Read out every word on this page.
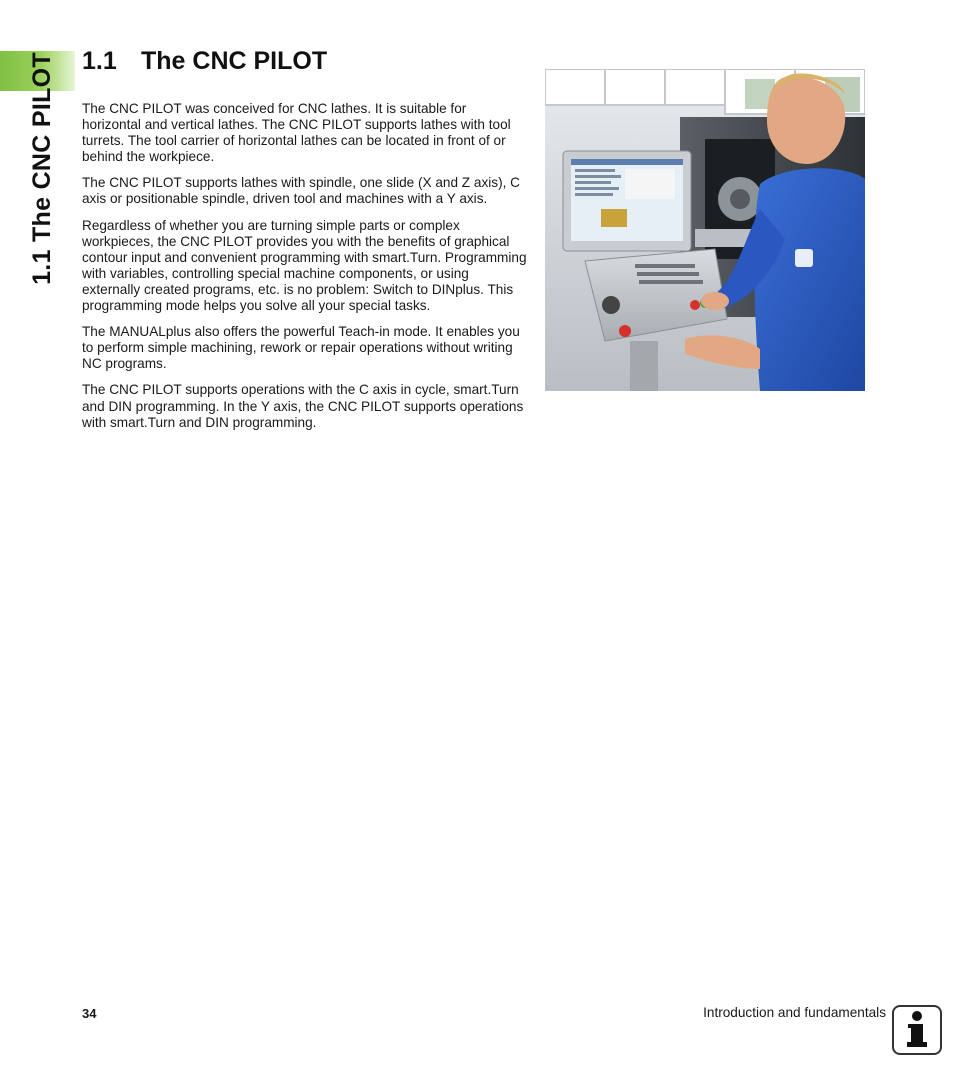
1.1 The CNC PILOT 1.1 The CNC PILOT

The CNC PILOT was conceived for CNC lathes. It is suitable for horizontal and vertical lathes. The CNC PILOT supports lathes with tool turrets. The tool carrier of horizontal lathes can be located in front of or behind the workpiece.

The CNC PILOT supports lathes with spindle, one slide (X and Z axis), C axis or positionable spindle, driven tool and machines with a Y axis.

Regardless of whether you are turning simple parts or complex workpieces, the CNC PILOT provides you with the benefits of graphical contour input and convenient programming with smart.Turn. Programming with variables, controlling special machine components, or using externally created programs, etc. is no problem: Switch to DINplus. This programming mode helps you solve all your special tasks.

The MANUALplus also offers the powerful Teach-in mode. It enables you to perform simple machining, rework or repair operations without writing NC programs.

The CNC PILOT supports operations with the C axis in cycle, smart.Turn and DIN programming. In the Y axis, the CNC PILOT supports operations with smart.Turn and DIN programming.

34	Introduction and fundamentals
